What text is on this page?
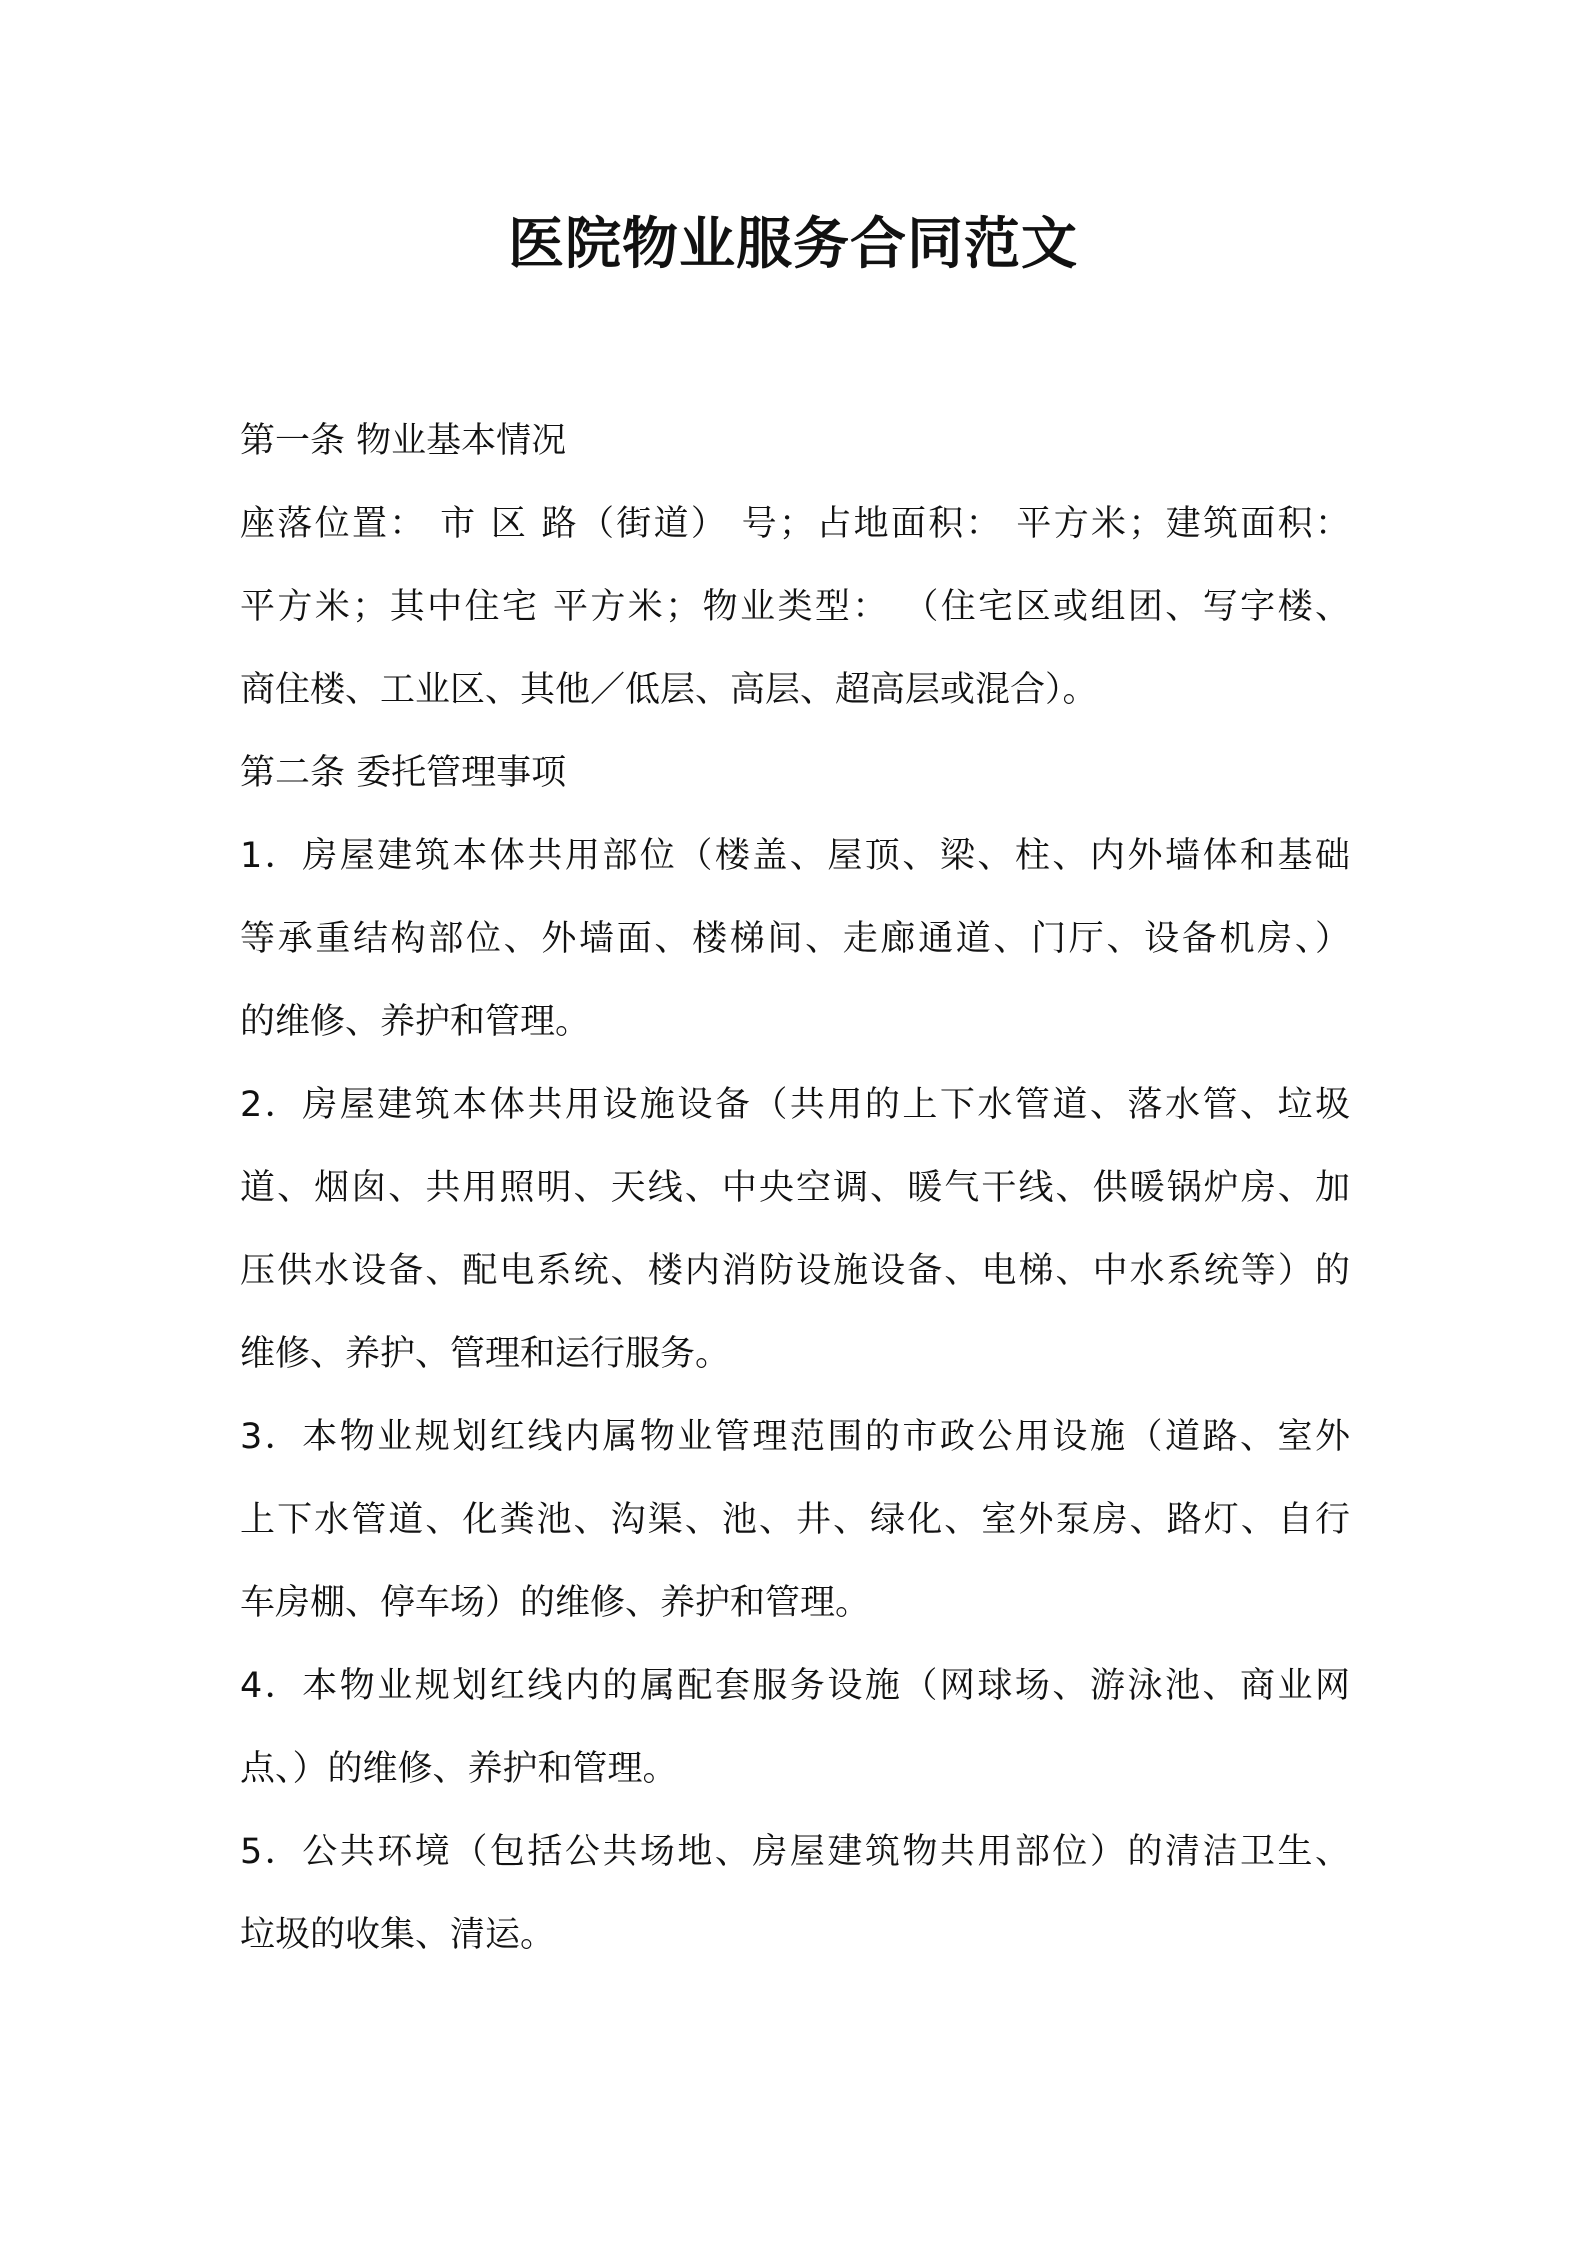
医院物业服务合同范文

第一条 物业基本情况

座落位置： 市 区 路（街道） 号；占地面积： 平方米；建筑面积：

平方米；其中住宅 平方米；物业类型： （住宅区或组团、写字楼、

商住楼、工业区、其他／低层、高层、超高层或混合）。

第二条 委托管理事项

1．房屋建筑本体共用部位（楼盖、屋顶、梁、柱、内外墙体和基础

等承重结构部位、外墙面、楼梯间、走廊通道、门厅、设备机房、）

的维修、养护和管理。

2．房屋建筑本体共用设施设备（共用的上下水管道、落水管、垃圾

道、烟囱、共用照明、天线、中央空调、暖气干线、供暖锅炉房、加

压供水设备、配电系统、楼内消防设施设备、电梯、中水系统等）的

维修、养护、管理和运行服务。

3．本物业规划红线内属物业管理范围的市政公用设施（道路、室外

上下水管道、化粪池、沟渠、池、井、绿化、室外泵房、路灯、自行

车房棚、停车场）的维修、养护和管理。

4．本物业规划红线内的属配套服务设施（网球场、游泳池、商业网

点、）的维修、养护和管理。

5．公共环境（包括公共场地、房屋建筑物共用部位）的清洁卫生、

垃圾的收集、清运。
